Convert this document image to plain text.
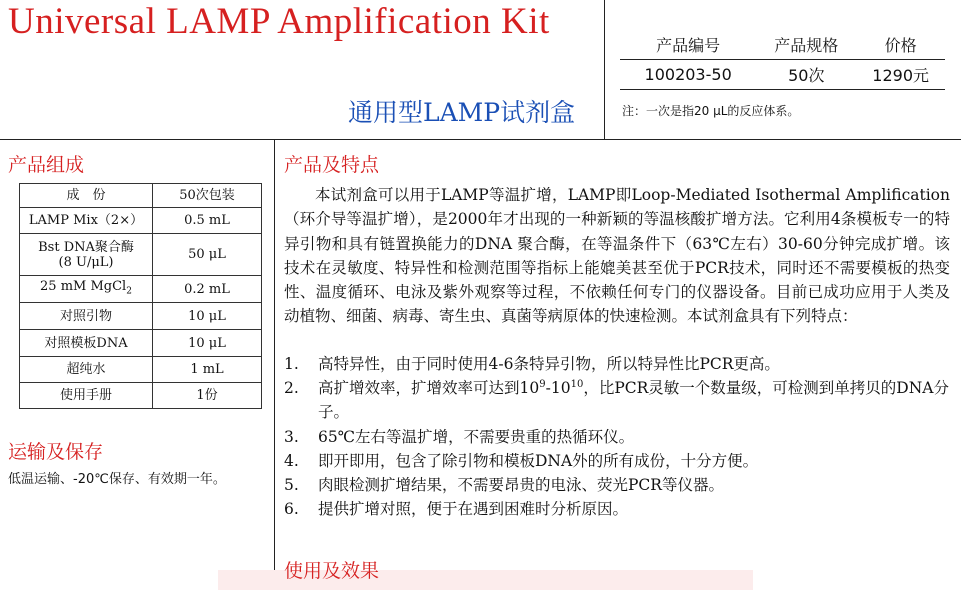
Universal LAMP Amplification Kit
通用型LAMP试剂盒
产品编号	产品规格	价格
100203-50	50次	1290元
注：一次是指20 μL的反应体系。
产品组成
成　份	50次包装
LAMP Mix（2×）	0.5 mL
Bst DNA聚合酶
(8 U/μL)	50 μL
25 mM MgCl$_2$	0.2 mL
对照引物	10 μL
对照模板DNA	10 μL
超纯水	1 mL
使用手册	1份
运输及保存
低温运输、-20℃保存、有效期一年。
产品及特点
本试剂盒可以用于LAMP等温扩增，LAMP即Loop-Mediated Isothermal Amplification（环介导等温扩增），是2000年才出现的一种新颖的等温核酸扩增方法。它利用4条模板专一的特异引物和具有链置换能力的DNA 聚合酶，在等温条件下（63℃左右）30-60分钟完成扩增。该技术在灵敏度、特异性和检测范围等指标上能媲美甚至优于PCR技术，同时还不需要模板的热变性、温度循环、电泳及紫外观察等过程，不依赖任何专门的仪器设备。目前已成功应用于人类及动植物、细菌、病毒、寄生虫、真菌等病原体的快速检测。本试剂盒具有下列特点：
1. 高特异性，由于同时使用4-6条特异引物，所以特异性比PCR更高。
2. 高扩增效率，扩增效率可达到$10^9-10^{10}$，比PCR灵敏一个数量级，可检测到单拷贝的DNA分子。
3. 65℃左右等温扩增，不需要贵重的热循环仪。
4. 即开即用，包含了除引物和模板DNA外的所有成份，十分方便。
5. 肉眼检测扩增结果，不需要昂贵的电泳、荧光PCR等仪器。
6. 提供扩增对照，便于在遇到困难时分析原因。
使用及效果
